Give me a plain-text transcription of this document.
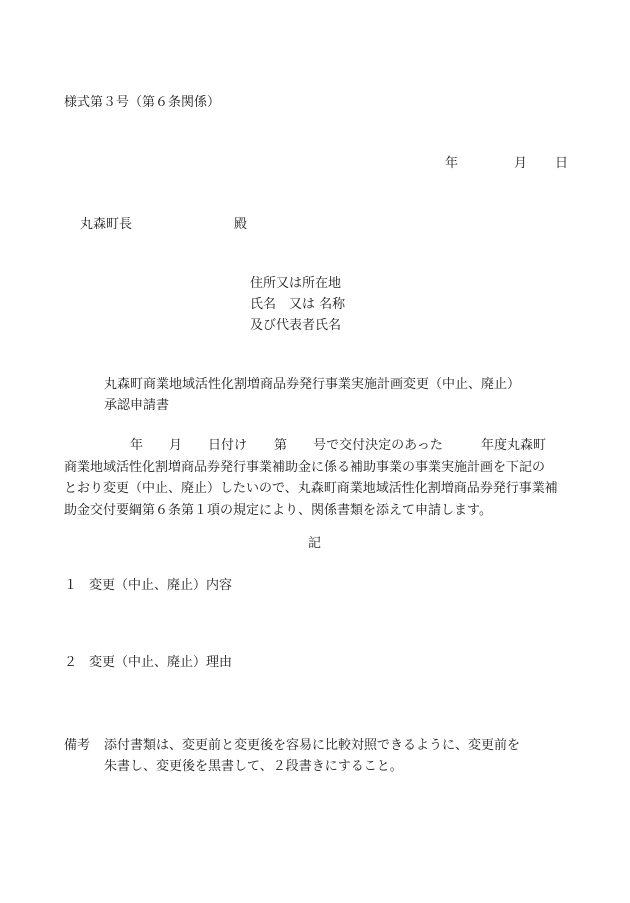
様式第３号（第６条関係）
年	月 日
丸森町長	殿
住所又は所在地
氏名　又は 名称
及び代表者氏名
丸森町商業地域活性化割増商品券発行事業実施計画変更（中止、廃止）
承認申請書
年 月 日付け 第 号で交付決定のあった	年度丸森町
商業地域活性化割増商品券発行事業補助金に係る補助事業の事業実施計画を下記の
とおり変更（中止、廃止）したいので、丸森町商業地域活性化割増商品券発行事業補
助金交付要綱第６条第１項の規定により、関係書類を添えて申請します。
記
１ 変更（中止、廃止）内容
２ 変更（中止、廃止）理由
備考 添付書類は、変更前と変更後を容易に比較対照できるように、変更前を
朱書し、変更後を黒書して、２段書きにすること。
